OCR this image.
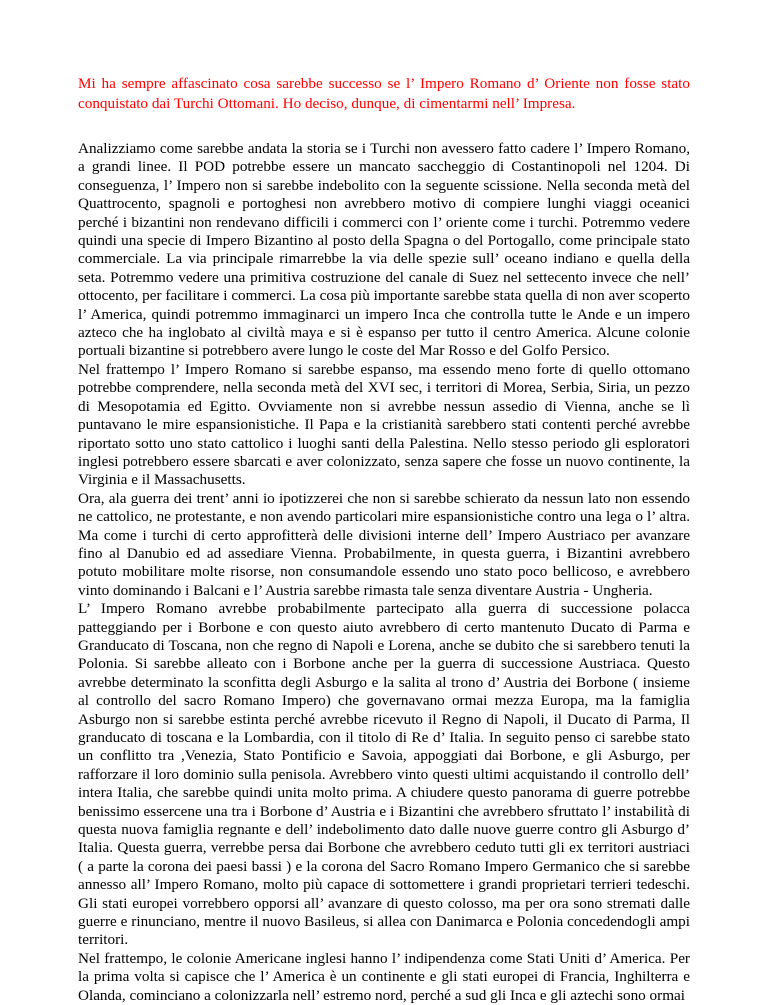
Mi ha sempre affascinato cosa sarebbe successo se l’ Impero Romano d’ Oriente non fosse stato conquistato dai Turchi Ottomani. Ho deciso, dunque, di cimentarmi nell’ Impresa.

Analizziamo come sarebbe andata la storia se i Turchi non avessero fatto cadere l’ Impero Romano, a grandi linee. Il POD potrebbe essere un mancato saccheggio di Costantinopoli nel 1204. Di conseguenza, l’ Impero non si sarebbe indebolito con la seguente scissione. Nella seconda metà del Quattrocento, spagnoli e portoghesi non avrebbero motivo di compiere lunghi viaggi oceanici perché i bizantini non rendevano difficili i commerci con l’ oriente come i turchi. Potremmo vedere quindi una specie di Impero Bizantino al posto della Spagna o del Portogallo, come principale stato commerciale. La via principale rimarrebbe la via delle spezie sull’ oceano indiano e quella della seta. Potremmo vedere una primitiva costruzione del canale di Suez nel settecento invece che nell’ ottocento, per facilitare i commerci. La cosa più importante sarebbe stata quella di non aver scoperto l’ America, quindi potremmo immaginarci un impero Inca che controlla tutte le Ande e un impero azteco che ha inglobato al civiltà maya e si è espanso per tutto il centro America. Alcune colonie portuali bizantine si potrebbero avere lungo le coste del Mar Rosso e del Golfo Persico.

Nel frattempo l’ Impero Romano si sarebbe espanso, ma essendo meno forte di quello ottomano potrebbe comprendere, nella seconda metà del XVI sec, i territori di Morea, Serbia, Siria, un pezzo di Mesopotamia ed Egitto. Ovviamente non si avrebbe nessun assedio di Vienna, anche se lì puntavano le mire espansionistiche. Il Papa e la cristianità sarebbero stati contenti perché avrebbe riportato sotto uno stato cattolico i luoghi santi della Palestina. Nello stesso periodo gli esploratori inglesi potrebbero essere sbarcati e aver colonizzato, senza sapere che fosse un nuovo continente, la Virginia e il Massachusetts.

Ora, ala guerra dei trent’ anni io ipotizzerei che non si sarebbe schierato da nessun lato non essendo ne cattolico, ne protestante, e non avendo particolari mire espansionistiche contro una lega o l’ altra. Ma come i turchi di certo approfitterà delle divisioni interne dell’ Impero Austriaco per avanzare fino al Danubio ed ad assediare Vienna. Probabilmente, in questa guerra, i Bizantini avrebbero potuto mobilitare molte risorse, non consumandole essendo uno stato poco bellicoso, e avrebbero vinto dominando i Balcani e l’ Austria sarebbe rimasta tale senza diventare Austria - Ungheria.

L’ Impero Romano avrebbe probabilmente partecipato alla guerra di successione polacca patteggiando per i Borbone e con questo aiuto avrebbero di certo mantenuto Ducato di Parma e Granducato di Toscana, non che regno di Napoli e Lorena, anche se dubito che si sarebbero tenuti la Polonia. Si sarebbe alleato con i Borbone anche per la guerra di successione Austriaca. Questo avrebbe determinato la sconfitta degli Asburgo e la salita al trono d’ Austria dei Borbone ( insieme al controllo del sacro Romano Impero) che governavano ormai mezza Europa, ma la famiglia Asburgo non si sarebbe estinta perché avrebbe ricevuto il Regno di Napoli, il Ducato di Parma, Il granducato di toscana e la Lombardia, con il titolo di Re d’ Italia. In seguito penso ci sarebbe stato un conflitto tra ,Venezia, Stato Pontificio e Savoia, appoggiati dai Borbone, e gli Asburgo, per rafforzare il loro dominio sulla penisola. Avrebbero vinto questi ultimi acquistando il controllo dell’ intera Italia, che sarebbe quindi unita molto prima. A chiudere questo panorama di guerre potrebbe benissimo essercene una tra i Borbone d’ Austria e i Bizantini che avrebbero sfruttato l’ instabilità di questa nuova famiglia regnante e dell’ indebolimento dato dalle nuove guerre contro gli Asburgo d’ Italia. Questa guerra, verrebbe persa dai Borbone che avrebbero ceduto tutti gli ex territori austriaci ( a parte la corona dei paesi bassi ) e la corona del Sacro Romano Impero Germanico che si sarebbe annesso all’ Impero Romano, molto più capace di sottomettere i grandi proprietari terrieri tedeschi. Gli stati europei vorrebbero opporsi all’ avanzare di questo colosso, ma per ora sono stremati dalle guerre e rinunciano, mentre il nuovo Basileus, si allea con Danimarca e Polonia concedendogli ampi territori.

Nel frattempo, le colonie Americane inglesi hanno l’ indipendenza come Stati Uniti d’ America. Per la prima volta si capisce che l’ America è un continente e gli stati europei di Francia, Inghilterra e Olanda, cominciano a colonizzarla nell’ estremo nord, perché a sud gli Inca e gli aztechi sono ormai
